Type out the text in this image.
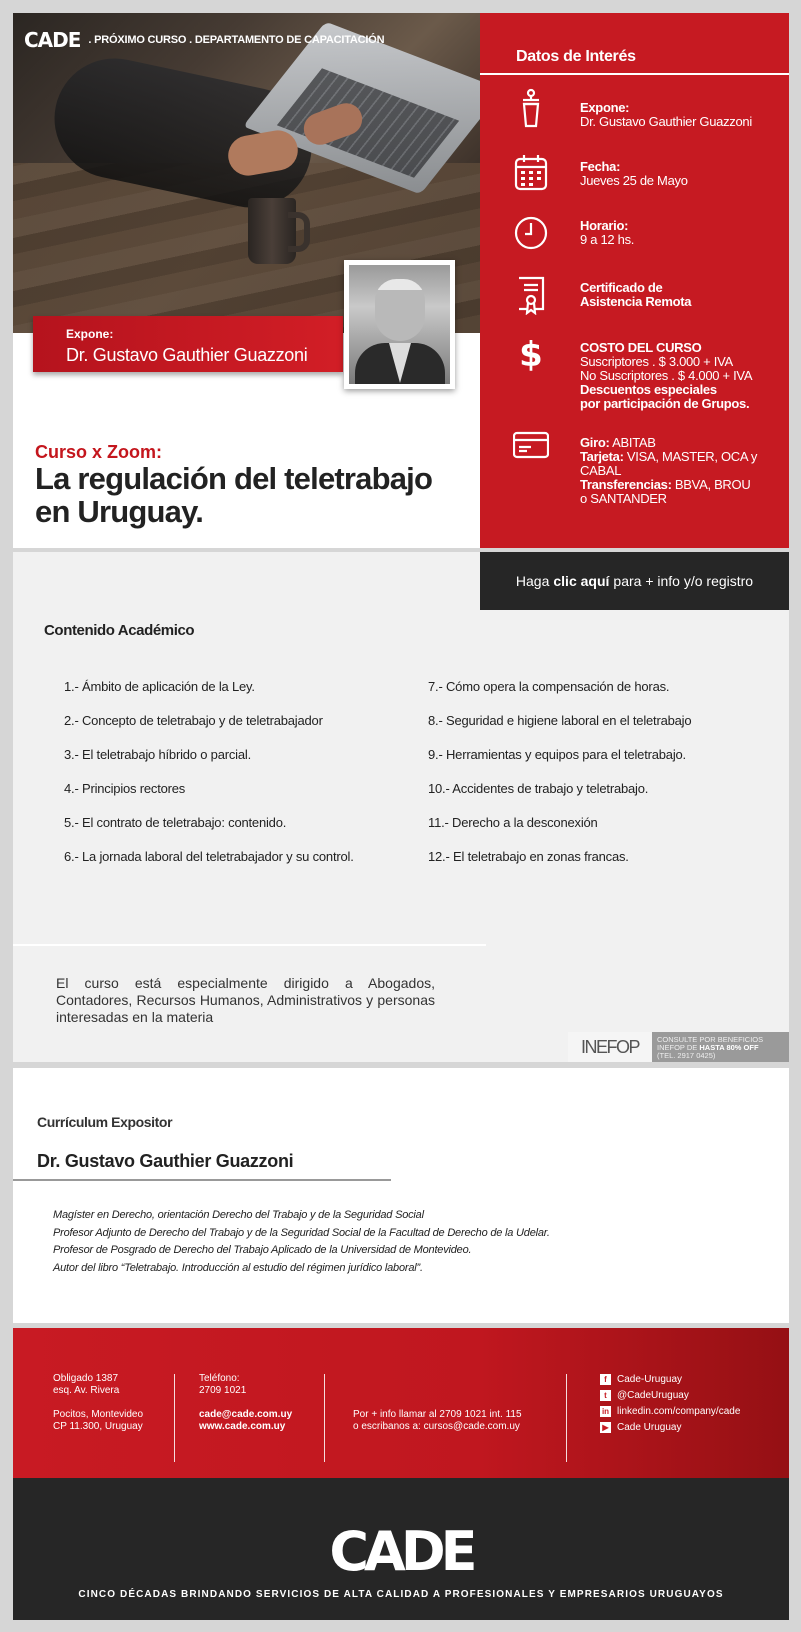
CADE . PRÓXIMO CURSO . DEPARTAMENTO DE CAPACITACIÓN
Expone:
Dr. Gustavo Gauthier Guazzoni
Curso x Zoom:
La regulación del teletrabajo en Uruguay.
Datos de Interés
Expone:
Dr. Gustavo Gauthier Guazzoni
Fecha:
Jueves 25 de Mayo
Horario:
9 a 12 hs.
Certificado de
Asistencia Remota
$	COSTO DEL CURSO
Suscriptores . $ 3.000 + IVA
No Suscriptores . $ 4.000 + IVA
Descuentos especiales
por participación de Grupos.
Giro: ABITAB
Tarjeta: VISA, MASTER, OCA y CABAL
Transferencias: BBVA, BROU o SANTANDER
Haga clic aquí para + info y/o registro
Contenido Académico
1.- Ámbito de aplicación de la Ley.
2.- Concepto de teletrabajo y de teletrabajador
3.- El teletrabajo híbrido o parcial.
4.- Principios rectores
5.- El contrato de teletrabajo: contenido.
6.- La jornada laboral del teletrabajador y su control.
7.- Cómo opera la compensación de horas.
8.- Seguridad e higiene laboral en el teletrabajo
9.- Herramientas y equipos para el teletrabajo.
10.- Accidentes de trabajo y teletrabajo.
11.- Derecho a la desconexión
12.- El teletrabajo en zonas francas.
El curso está especialmente dirigido a Abogados, Contadores, Recursos Humanos, Administrativos y personas interesadas en la materia
INEFOP	CONSULTE POR BENEFICIOS
INEFOP DE HASTA 80% OFF
(TEL. 2917 0425)
Currículum Expositor
Dr. Gustavo Gauthier Guazzoni
Magíster en Derecho, orientación Derecho del Trabajo y de la Seguridad Social
Profesor Adjunto de Derecho del Trabajo y de la Seguridad Social de la Facultad de Derecho de la Udelar.
Profesor de Posgrado de Derecho del Trabajo Aplicado de la Universidad de Montevideo.
Autor del libro “Teletrabajo. Introducción al estudio del régimen jurídico laboral”.
Obligado 1387
esq. Av. Rivera
Pocitos, Montevideo
CP 11.300, Uruguay
Teléfono:
2709 1021
cade@cade.com.uy
www.cade.com.uy
Por + info llamar al 2709 1021 int. 115
o escribanos a: cursos@cade.com.uy
f	Cade-Uruguay
t	@CadeUruguay
in linkedin.com/company/cade
▶ Cade Uruguay
CADE
CINCO DÉCADAS BRINDANDO SERVICIOS DE ALTA CALIDAD A PROFESIONALES Y EMPRESARIOS URUGUAYOS
